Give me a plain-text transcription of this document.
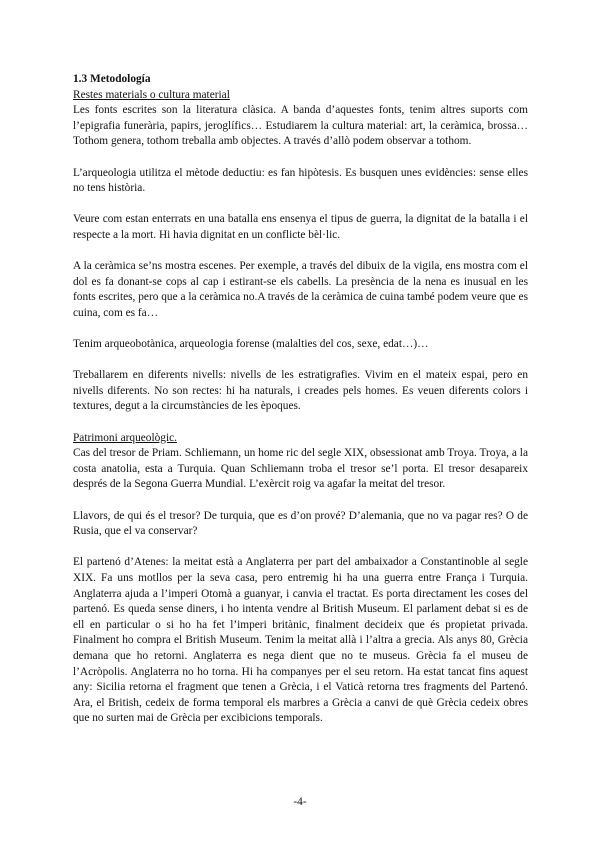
1.3 Metodología
Restes materials o cultura material

Les fonts escrites son la literatura clàsica. A banda d’aquestes fonts, tenim altres suports com l’epigrafia funerària, papirs, jeroglífics… Estudiarem la cultura material: art, la ceràmica, brossa… Tothom genera, tothom treballa amb objectes. A través d’allò podem observar a tothom.

L’arqueologia utilitza el mètode deductiu: es fan hipòtesis. Es busquen unes evidències: sense elles no tens història.

Veure com estan enterrats en una batalla ens ensenya el tipus de guerra, la dignitat de la batalla i el respecte a la mort. Hi havia dignitat en un conflicte bèl·lic.

A la ceràmica se’ns mostra escenes. Per exemple, a través del dibuix de la vigila, ens mostra com el dol es fa donant-se cops al cap i estirant-se els cabells. La presència de la nena es inusual en les fonts escrites, pero que a la ceràmica no.A través de la ceràmica de cuina també podem veure que es cuina, com es fa…

Tenim arqueobotànica, arqueologia forense (malalties del cos, sexe, edat…)…

Treballarem en diferents nivells: nivells de les estratigrafies. Vivim en el mateix espai, pero en nivells diferents. No son rectes: hi ha naturals, i creades pels homes. Es veuen diferents colors i textures, degut a la circumstàncies de les èpoques.

Patrimoni arqueològic.

Cas del tresor de Priam. Schliemann, un home ric del segle XIX, obsessionat amb Troya. Troya, a la costa anatolia, esta a Turquia. Quan Schliemann troba el tresor se’l porta. El tresor desapareix després de la Segona Guerra Mundial. L’exèrcit roig va agafar la meitat del tresor.

Llavors, de qui és el tresor? De turquia, que es d’on prové? D’alemania, que no va pagar res? O de Rusia, que el va conservar?

El partenó d’Atenes: la meitat està a Anglaterra per part del ambaixador a Constantinoble al segle XIX. Fa uns motllos per la seva casa, pero entremig hi ha una guerra entre França i Turquia. Anglaterra ajuda a l’imperi Otomà a guanyar, i canvia el tractat. Es porta directament les coses del partenó. Es queda sense diners, i ho intenta vendre al British Museum. El parlament debat si es de ell en particular o si ho ha fet l’imperi britànic, finalment decideix que és propietat privada. Finalment ho compra el British Museum. Tenim la meitat allà i l’altra a grecia. Als anys 80, Grècia demana que ho retorni. Anglaterra es nega dient que no te museus. Grècia fa el museu de l’Acròpolis. Anglaterra no ho torna. Hi ha companyes per el seu retorn. Ha estat tancat fins aquest any: Sicilia retorna el fragment que tenen a Grècia, i el Vaticà retorna tres fragments del Partenó. Ara, el British, cedeix de forma temporal els marbres a Grècia a canvi de què Grècia cedeix obres que no surten mai de Grècia per excibicions temporals.

-4-
